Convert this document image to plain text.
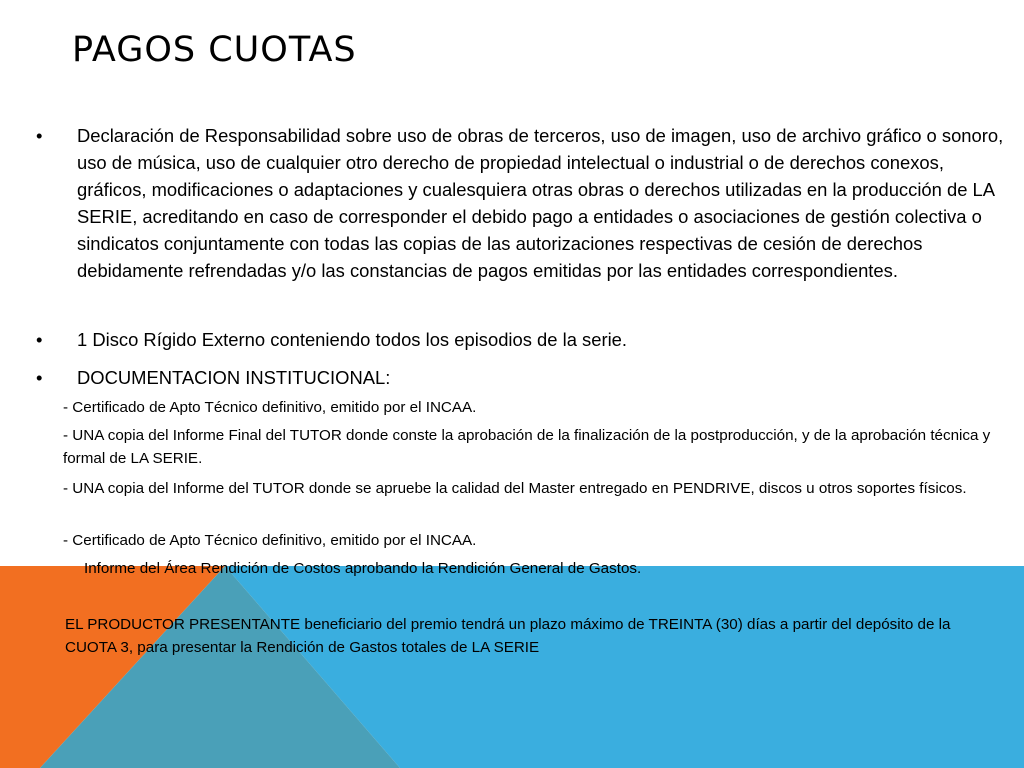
PAGOS CUOTAS
• Declaración de Responsabilidad sobre uso de obras de terceros, uso de imagen, uso de archivo gráfico o sonoro, uso de música, uso de cualquier otro derecho de propiedad intelectual o industrial o de derechos conexos, gráficos, modificaciones o adaptaciones y cualesquiera otras obras o derechos utilizadas en la producción de LA SERIE, acreditando en caso de corresponder el debido pago a entidades o asociaciones de gestión colectiva o sindicatos conjuntamente con todas las copias de las autorizaciones respectivas de cesión de derechos debidamente refrendadas y/o las constancias de pagos emitidas por las entidades correspondientes.
• 1 Disco Rígido Externo conteniendo todos los episodios de la serie.
• DOCUMENTACION INSTITUCIONAL:
- Certificado de Apto Técnico definitivo, emitido por el INCAA.
- UNA copia del Informe Final del TUTOR donde conste la aprobación de la finalización de la postproducción, y de la aprobación técnica y formal de LA SERIE.
- UNA copia del Informe del TUTOR donde se apruebe la calidad del Master entregado en PENDRIVE, discos u otros soportes físicos.
- Certificado de Apto Técnico definitivo, emitido por el INCAA.
Informe del Área Rendición de Costos aprobando la Rendición General de Gastos.
EL PRODUCTOR PRESENTANTE beneficiario del premio tendrá un plazo máximo de TREINTA (30) días a partir del depósito de la CUOTA 3, para presentar la Rendición de Gastos totales de LA SERIE
